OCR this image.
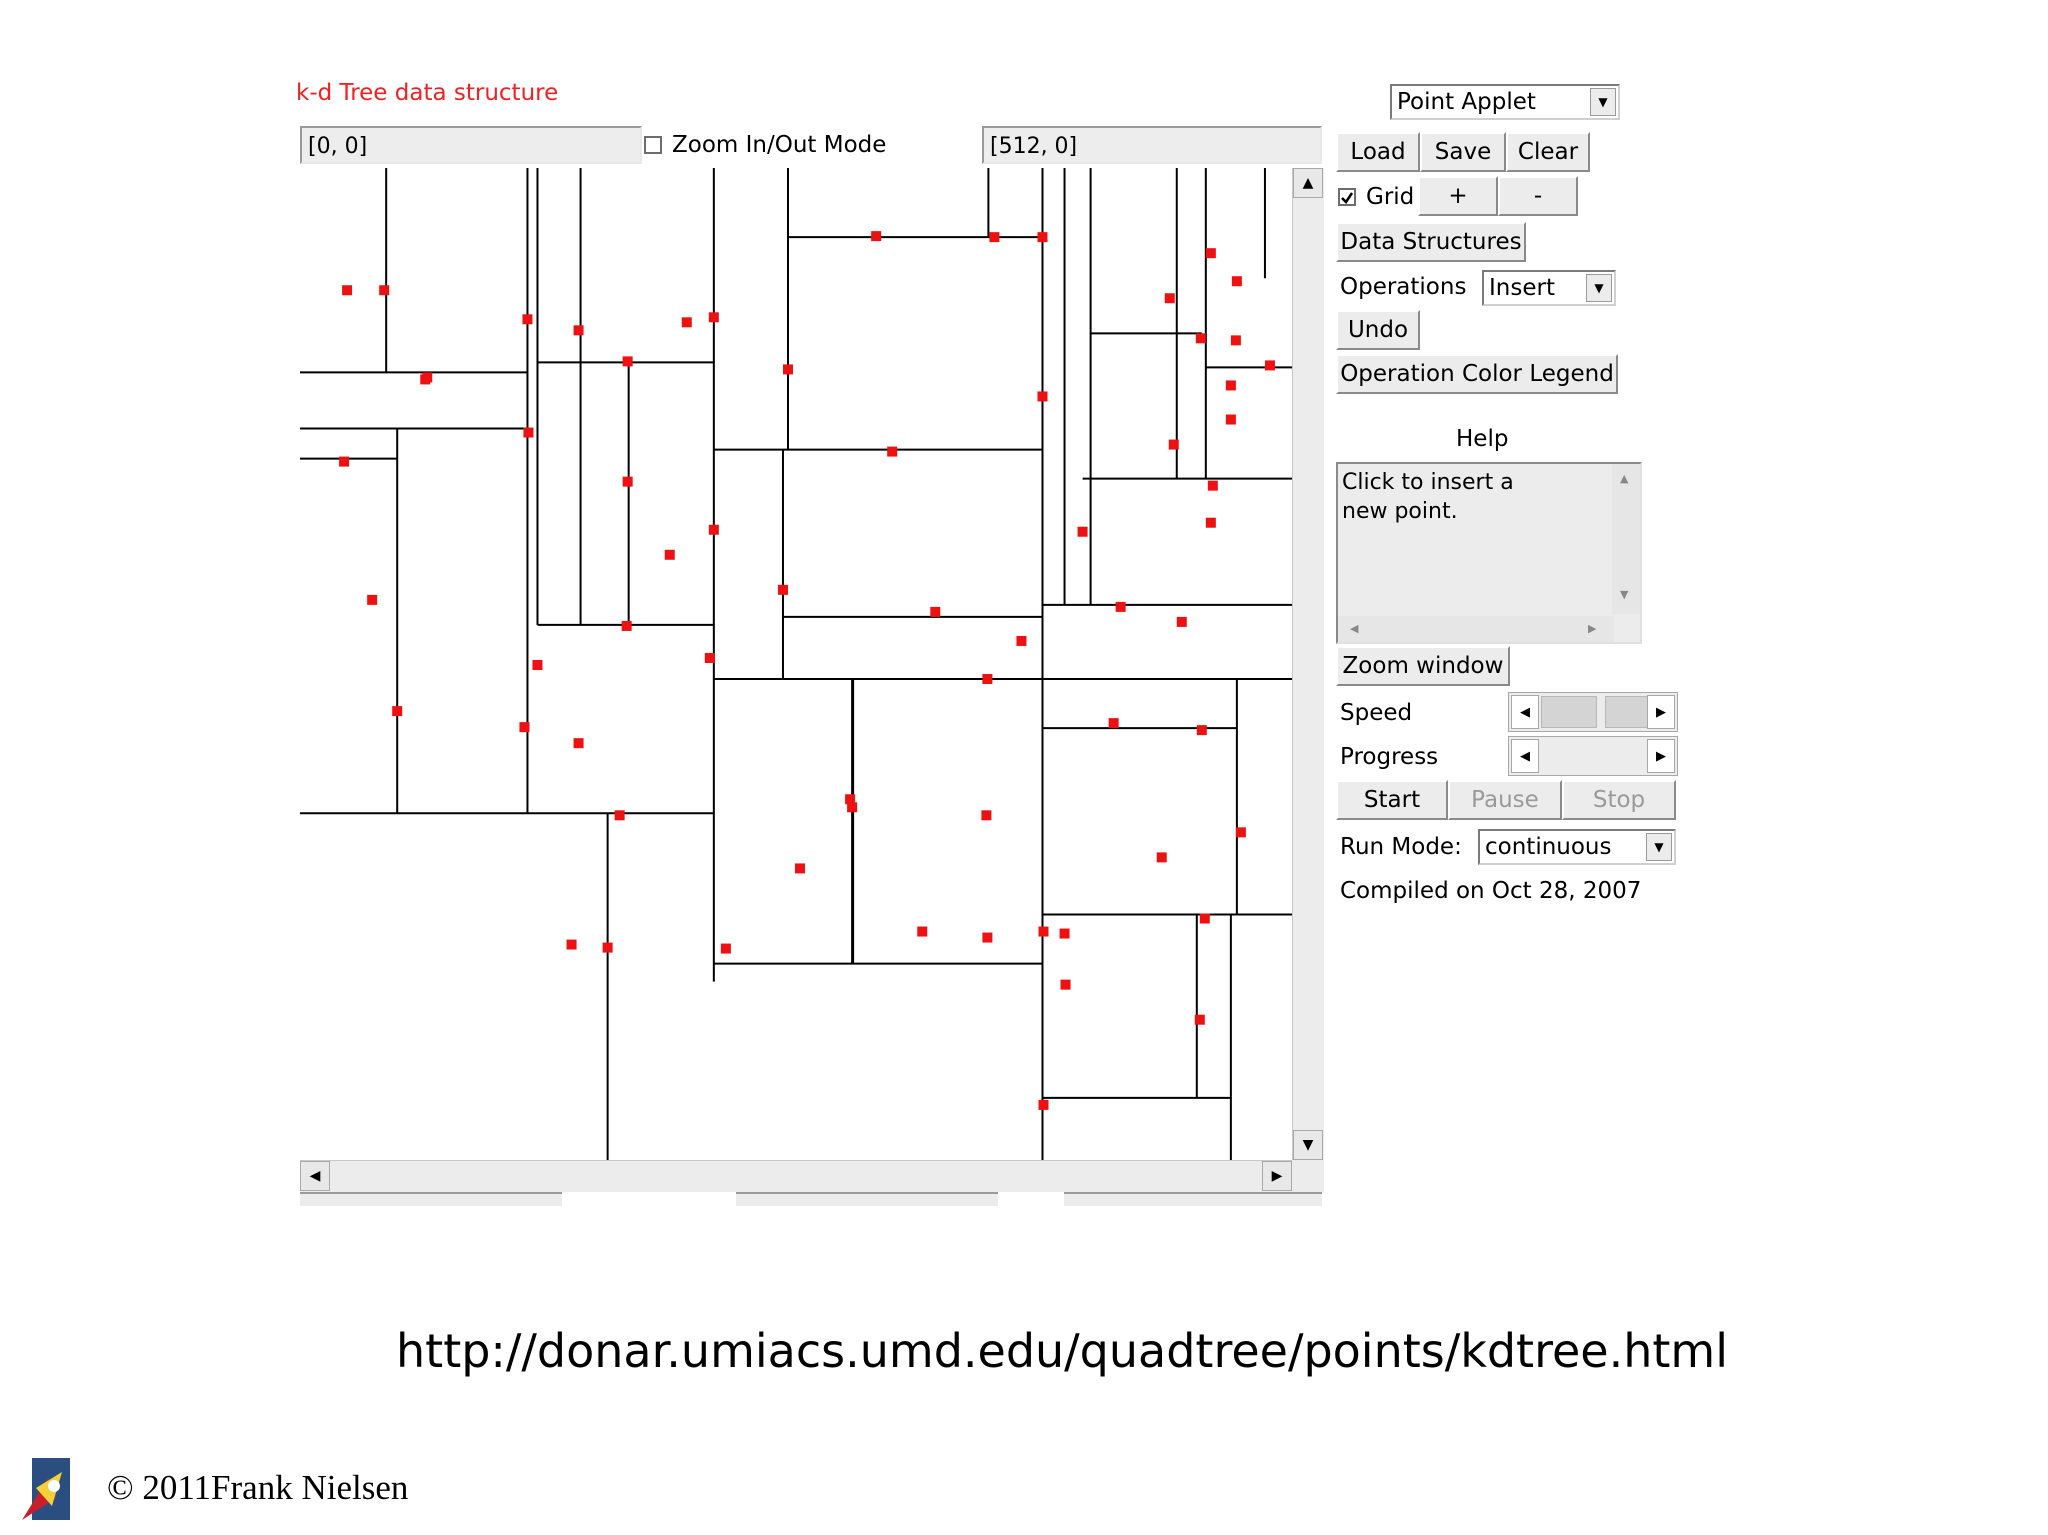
k-d Tree data structure
[0, 0]	Zoom In/Out Mode	[512, 0]
▲
▼
◀	▶
Point Applet	▼
Load	Save	Clear
Grid	+	-
Data Structures
Operations Insert	▼
Undo
Operation Color Legend
Help
Click to insert a
new point.
▲
▼
◀	▶
Zoom window
Speed	◀	▶
Progress	◀	▶
Start	Pause	Stop
Run Mode:	continuous	▼
Compiled on Oct 28, 2007
http://donar.umiacs.umd.edu/quadtree/points/kdtree.html
© 2011Frank Nielsen
